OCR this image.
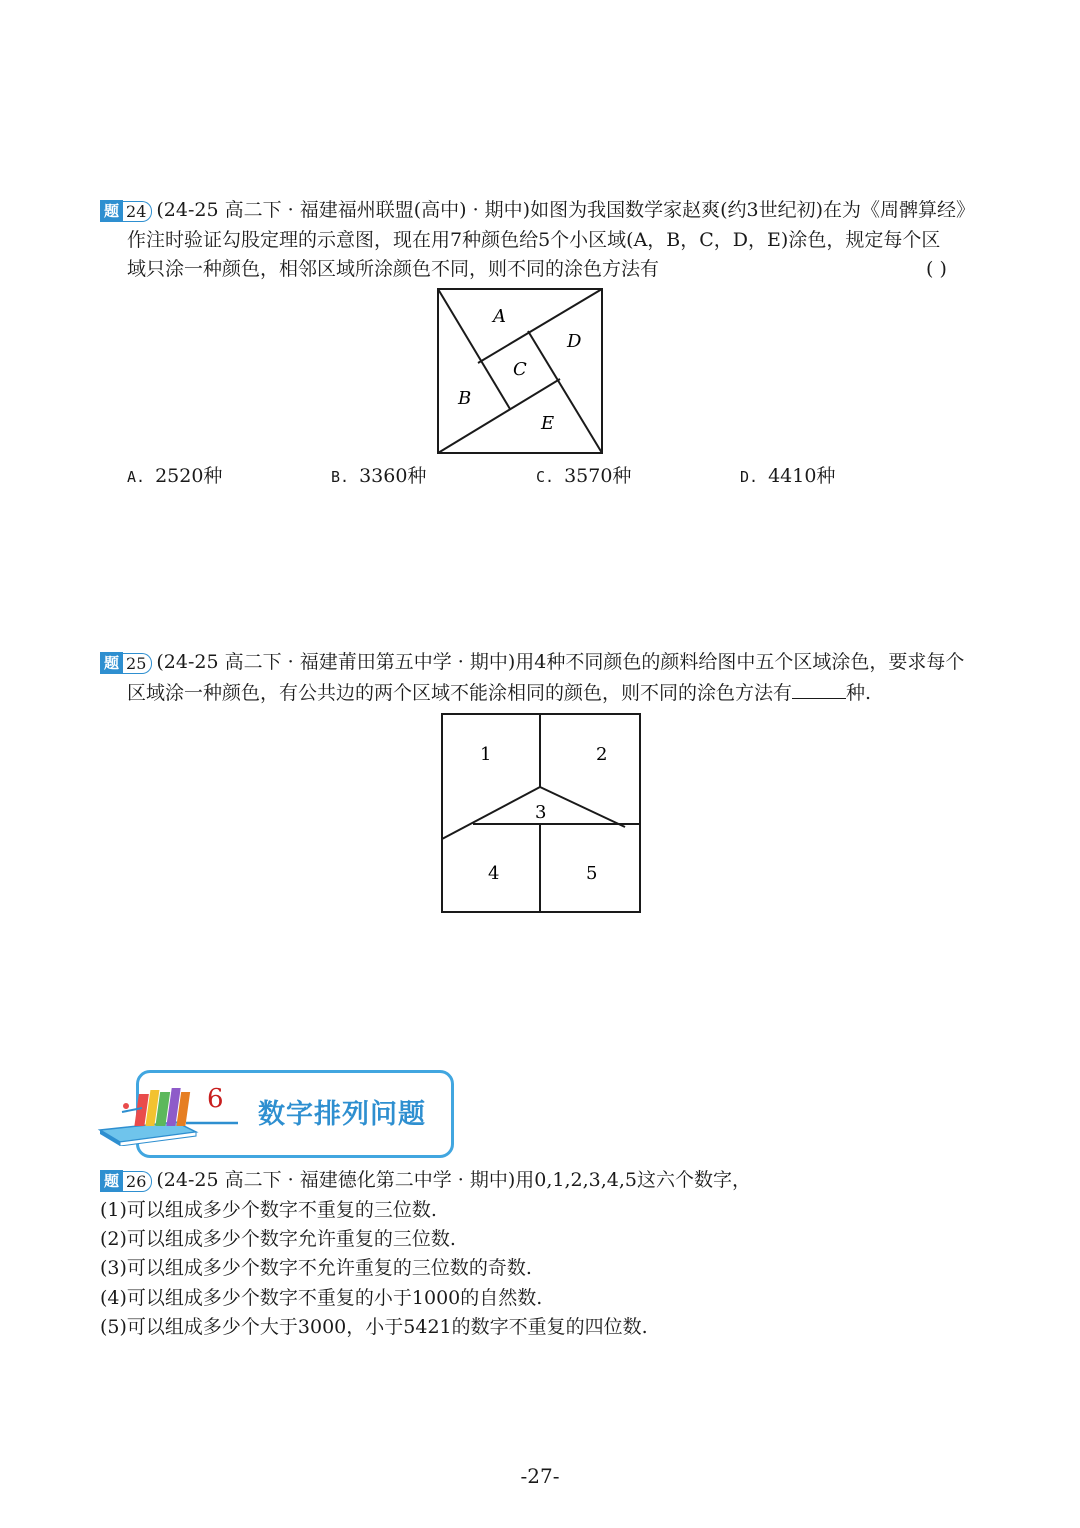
题 24 (24-25 高二下 · 福建福州联盟(高中) · 期中)如图为我国数学家赵爽(约3世纪初)在为《周髀算经》
作注时验证勾股定理的示意图，现在用7种颜色给5个小区域(A，B，C，D，E)涂色，规定每个区
域只涂一种颜色，相邻区域所涂颜色不同，则不同的涂色方法有	( )
A
B
C
D
E
A. 2520种	B. 3360种	C. 3570种	D. 4410种
题 25 (24-25 高二下 · 福建莆田第五中学 · 期中)用4种不同颜色的颜料给图中五个区域涂色，要求每个
区域涂一种颜色，有公共边的两个区域不能涂相同的颜色，则不同的涂色方法有	种.
1	2
3
4	5
6 数字排列问题
题 26 (24-25 高二下 · 福建德化第二中学 · 期中)用0,1,2,3,4,5这六个数字，
(1)可以组成多少个数字不重复的三位数.
(2)可以组成多少个数字允许重复的三位数.
(3)可以组成多少个数字不允许重复的三位数的奇数.
(4)可以组成多少个数字不重复的小于1000的自然数.
(5)可以组成多少个大于3000，小于5421的数字不重复的四位数.
-27-
